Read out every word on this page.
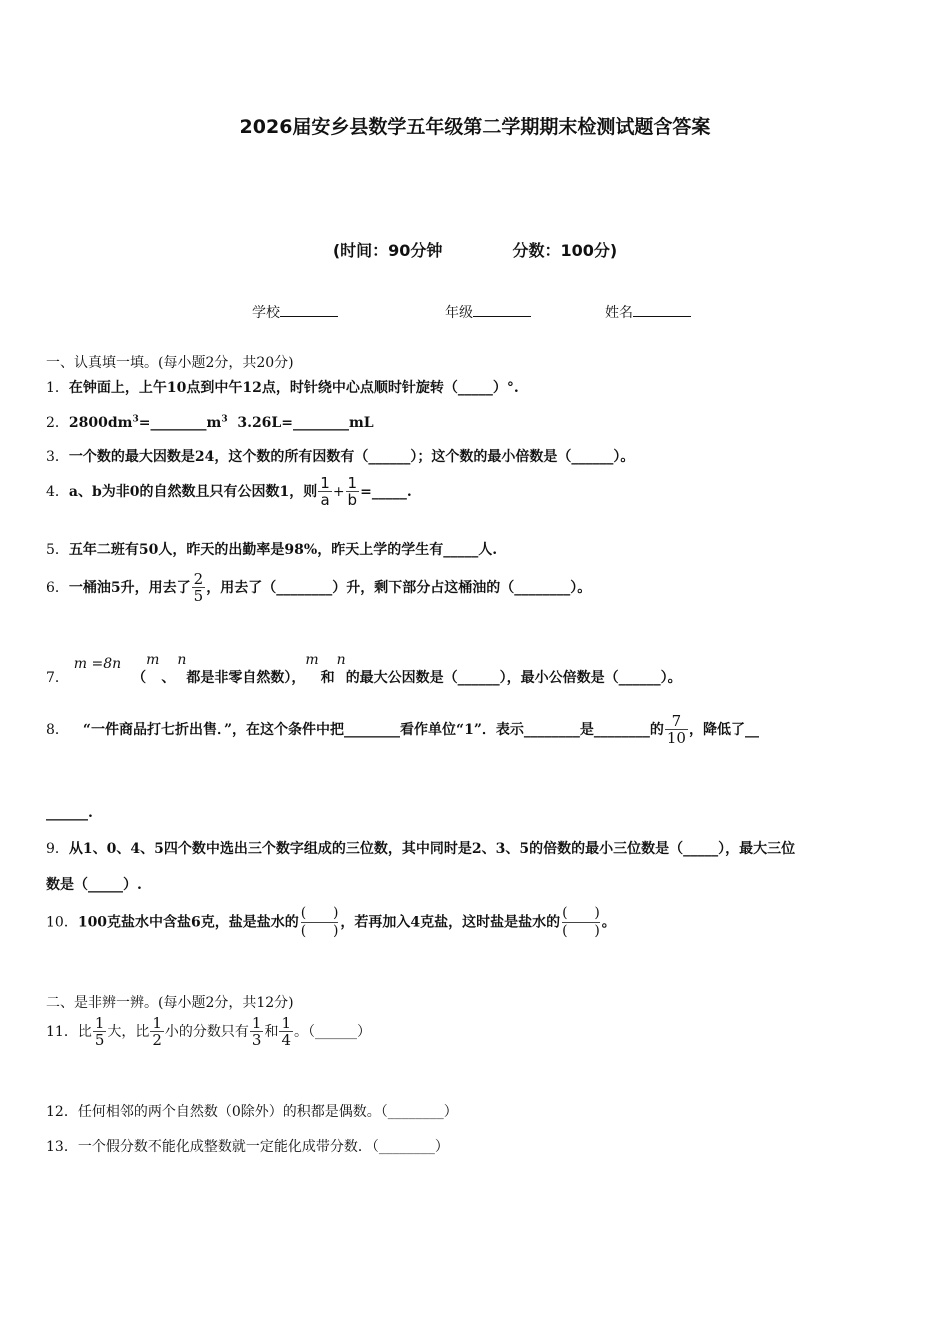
2026届安乡县数学五年级第二学期期末检测试题含答案
(时间：90分钟	分数：100分)
学校	年级	姓名
一、认真填一填。(每小题2分，共20分)
1．在钟面上，上午10点到中午12点，时针绕中心点顺时针旋转（_____）°.
2．$2800dm^3=\_\_\_\_\_\_\_\_m^3$  3.26L=________mL
3．一个数的最大因数是24，这个数的所有因数有（______）；这个数的最小倍数是（______）。
4．a、b为非0的自然数且只有公因数1，则 $\frac{1}{a} + \frac{1}{b}$ =_____.
5．五年二班有50人，昨天的出勤率是98%，昨天上学的学生有_____人.
6．一桶油5升，用去了 $\frac{2}{5}$ ，用去了（________）升，剩下部分占这桶油的（________）。
7． m =8n （m、n都是非零自然数），m和n的最大公因数是（______），最小公倍数是（______）。
8． “一件商品打七折出售．”，在这个条件中把________看作单位“1”．表示________是________的 $\frac{7}{10}$ ，降低了__
______.
9．从1、0、4、5四个数中选出三个数字组成的三位数，其中同时是2、3、5的倍数的最小三位数是（_____），最大三位
数是（_____）.
10．100克盐水中含盐6克，盐是盐水的 $\frac{( )}{( )}$ ，若再加入4克盐，这时盐是盐水的 $\frac{( )}{( )}$ 。
二、是非辨一辨。(每小题2分，共12分)
11．比 $\frac{1}{5}$ 大，比 $\frac{1}{2}$ 小的分数只有 $\frac{1}{3}$ 和 $\frac{1}{4}$ 。（______）
12．任何相邻的两个自然数（0除外）的积都是偶数。（________）
13．一个假分数不能化成整数就一定能化成带分数．（________）
